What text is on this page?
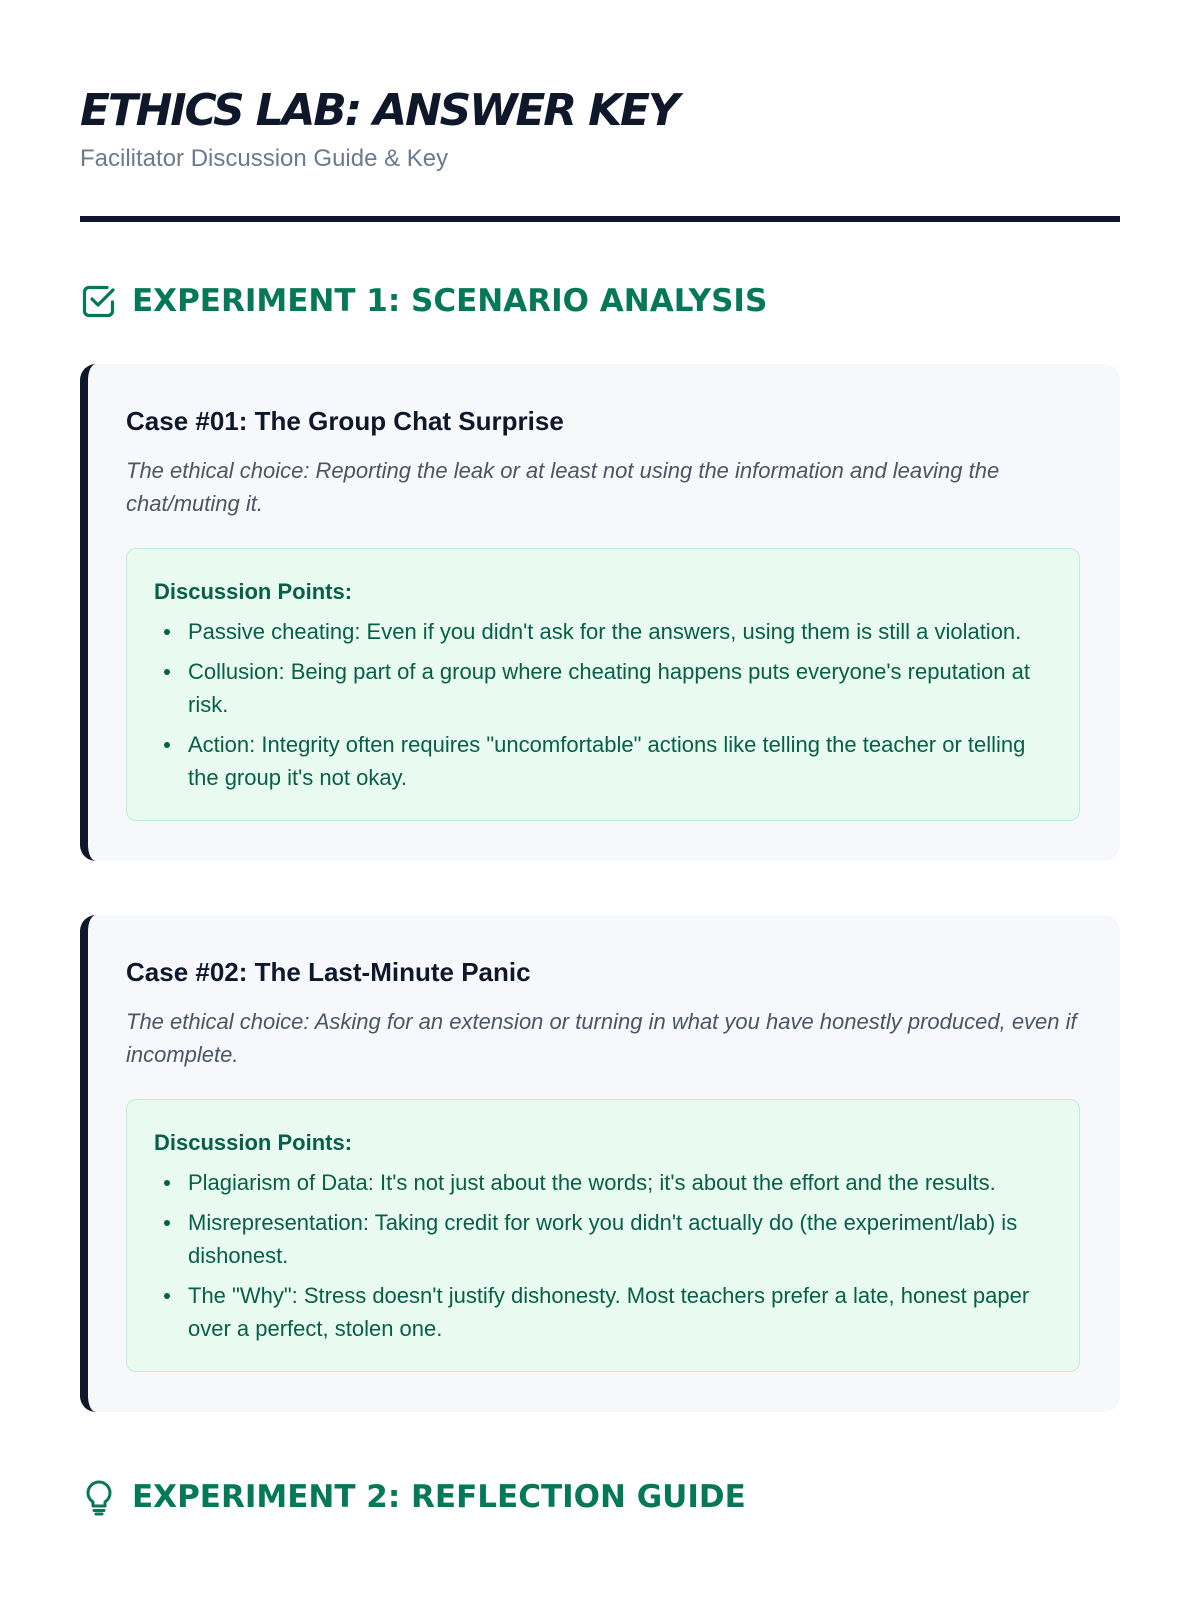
ETHICS LAB: ANSWER KEY
Facilitator Discussion Guide & Key
EXPERIMENT 1: SCENARIO ANALYSIS
Case #01: The Group Chat Surprise

The ethical choice: Reporting the leak or at least not using the information and leaving the chat/muting it.

Discussion Points:
Passive cheating: Even if you didn't ask for the answers, using them is still a violation.
Collusion: Being part of a group where cheating happens puts everyone's reputation at risk.
Action: Integrity often requires "uncomfortable" actions like telling the teacher or telling the group it's not okay.
Case #02: The Last-Minute Panic

The ethical choice: Asking for an extension or turning in what you have honestly produced, even if incomplete.

Discussion Points:
Plagiarism of Data: It's not just about the words; it's about the effort and the results.
Misrepresentation: Taking credit for work you didn't actually do (the experiment/lab) is dishonest.
The "Why": Stress doesn't justify dishonesty. Most teachers prefer a late, honest paper over a perfect, stolen one.
EXPERIMENT 2: REFLECTION GUIDE
